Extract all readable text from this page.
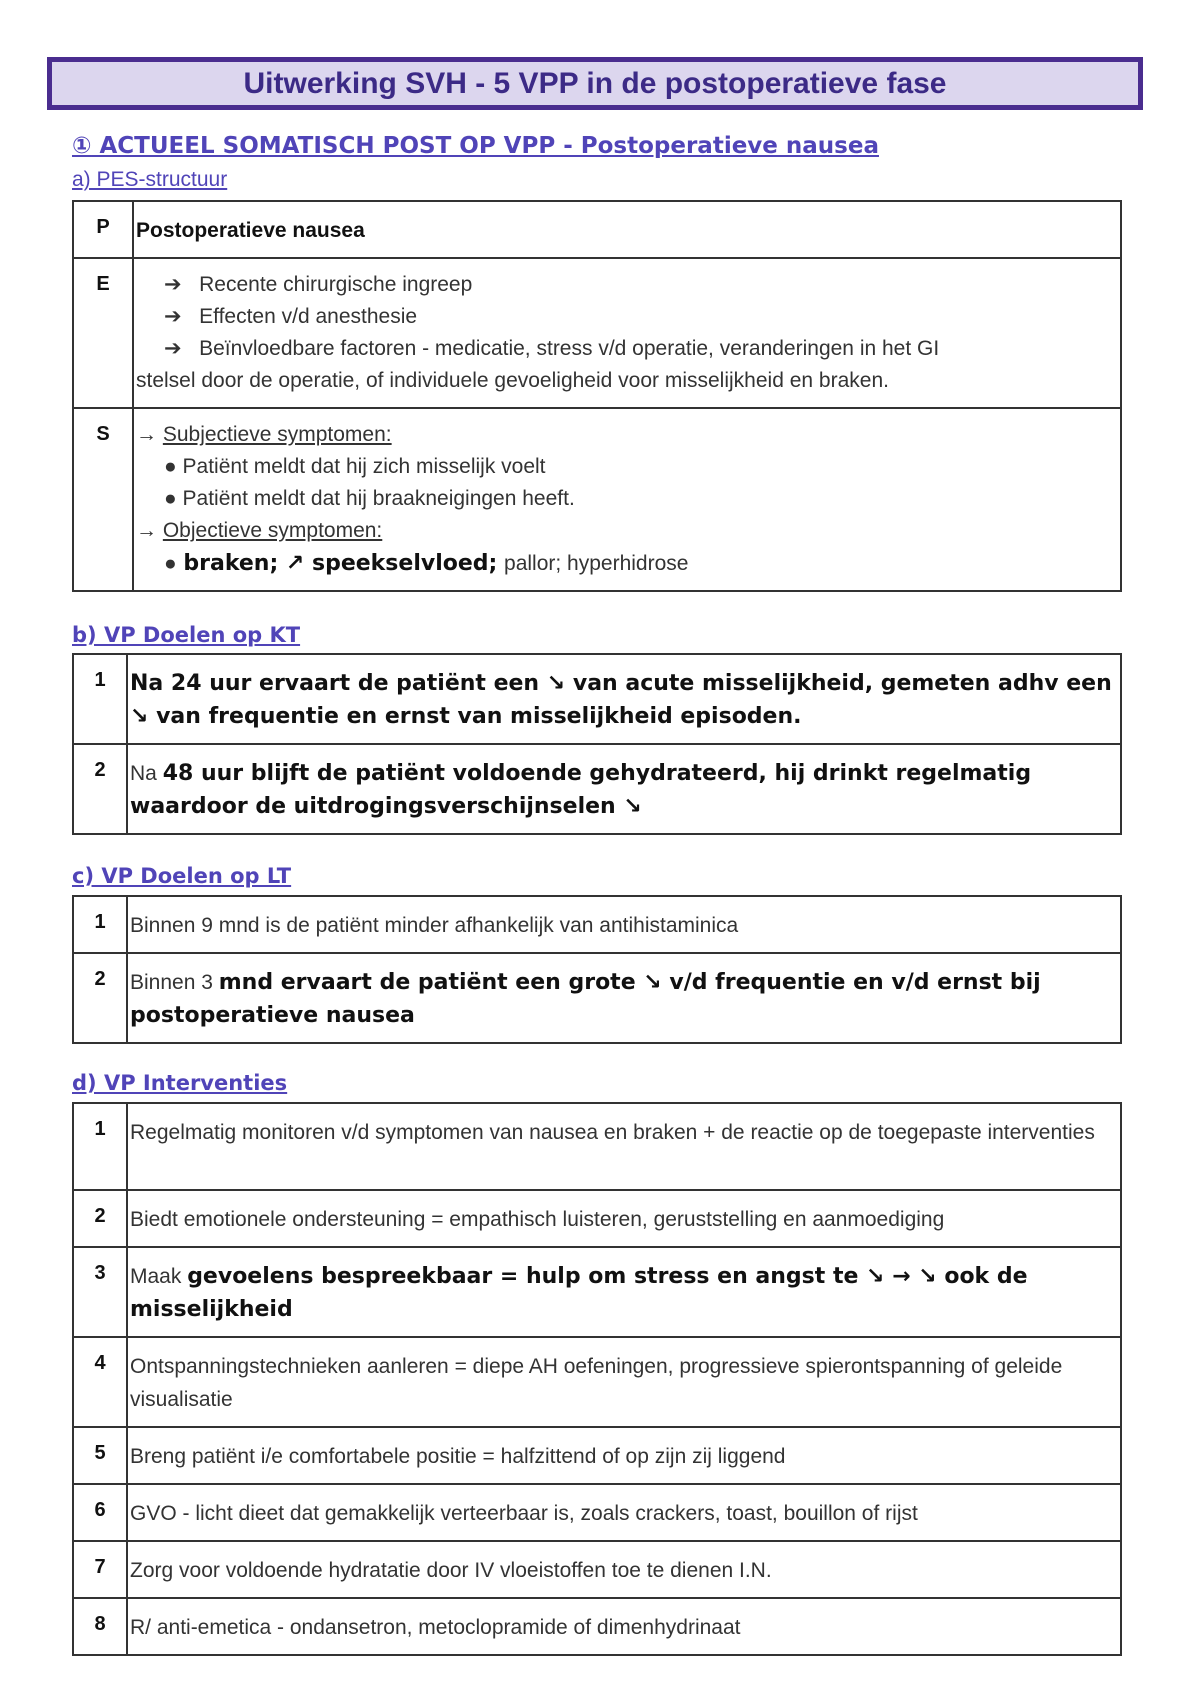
Uitwerking SVH - 5 VPP in de postoperatieve fase
① ACTUEEL SOMATISCH POST OP VPP - Postoperatieve nausea
a) PES-structuur
P	Postoperatieve nausea
E	➔ Recente chirurgische ingreep
➔ Effecten v/d anesthesie
➔ Beïnvloedbare factoren - medicatie, stress v/d operatie, veranderingen in het GI
stelsel door de operatie, of individuele gevoeligheid voor misselijkheid en braken.

S	→ Subjectieve symptomen:
● Patiënt meldt dat hij zich misselijk voelt
● Patiënt meldt dat hij braakneigingen heeft.
→ Objectieve symptomen:
● braken; ↗ speekselvloed; pallor; hyperhidrose
b) VP Doelen op KT
1	Na 24 uur ervaart de patiënt een ↘ van acute misselijkheid, gemeten adhv een ↘ van frequentie en ernst van misselijkheid episoden.
2	Na 48 uur blijft de patiënt voldoende gehydrateerd, hij drinkt regelmatig waardoor de uitdrogingsverschijnselen ↘
c) VP Doelen op LT
1	Binnen 9 mnd is de patiënt minder afhankelijk van antihistaminica
2	Binnen 3 mnd ervaart de patiënt een grote ↘ v/d frequentie en v/d ernst bij postoperatieve nausea
d) VP Interventies
1	Regelmatig monitoren v/d symptomen van nausea en braken + de reactie op de toegepaste interventies
2	Biedt emotionele ondersteuning = empathisch luisteren, geruststelling en aanmoediging
3	Maak gevoelens bespreekbaar = hulp om stress en angst te ↘ → ↘ ook de misselijkheid
4	Ontspanningstechnieken aanleren = diepe AH oefeningen, progressieve spierontspanning of geleide visualisatie
5	Breng patiënt i/e comfortabele positie = halfzittend of op zijn zij liggend
6	GVO - licht dieet dat gemakkelijk verteerbaar is, zoals crackers, toast, bouillon of rijst
7	Zorg voor voldoende hydratatie door IV vloeistoffen toe te dienen I.N.
8	R/ anti-emetica - ondansetron, metoclopramide of dimenhydrinaat
